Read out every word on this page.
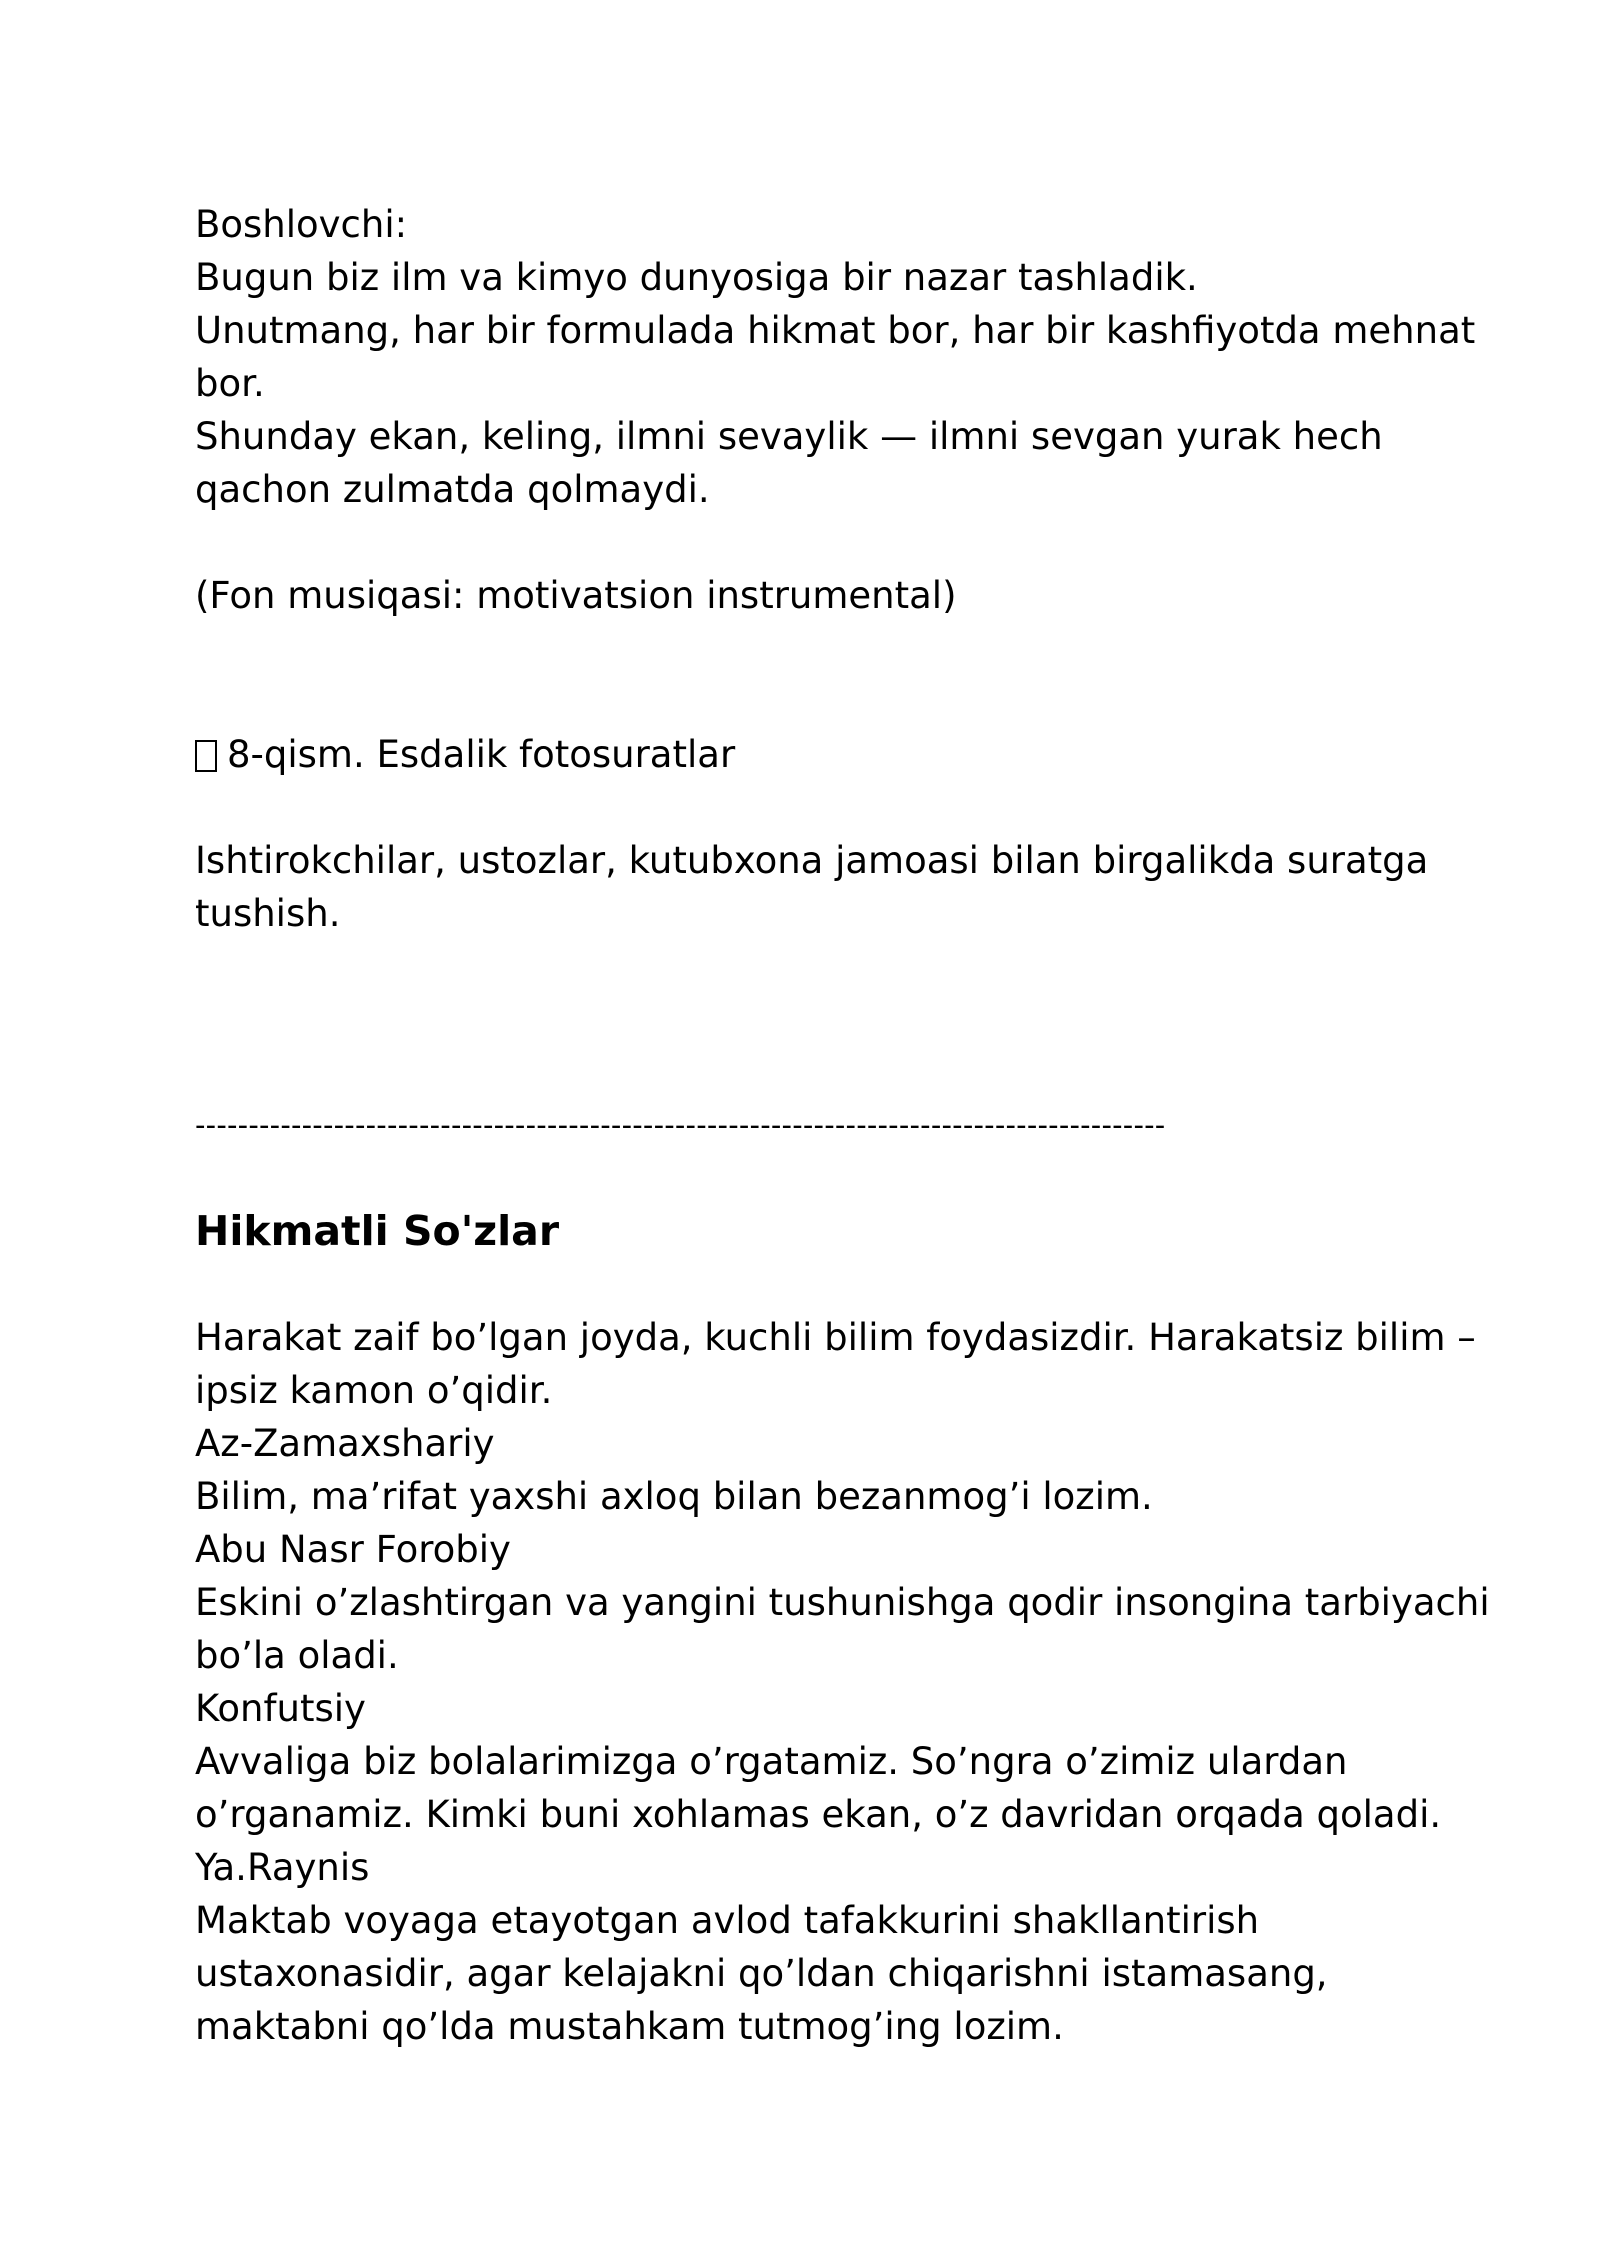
Boshlovchi:
Bugun biz ilm va kimyo dunyosiga bir nazar tashladik.
Unutmang, har bir formulada hikmat bor, har bir kashfiyotda mehnat
bor.
Shunday ekan, keling, ilmni sevaylik — ilmni sevgan yurak hech
qachon zulmatda qolmaydi.
(Fon musiqasi: motivatsion instrumental)
8-qism. Esdalik fotosuratlar
Ishtirokchilar, ustozlar, kutubxona jamoasi bilan birgalikda suratga
tushish.
-------------------------------------------------------------------------------------------
Hikmatli So'zlar
Harakat zaif bo’lgan joyda, kuchli bilim foydasizdir. Harakatsiz bilim –
ipsiz kamon o’qidir.
Az-Zamaxshariy
Bilim, ma’rifat yaxshi axloq bilan bezanmog’i lozim.
Abu Nasr Forobiy
Eskini o’zlashtirgan va yangini tushunishga qodir insongina tarbiyachi
bo’la oladi.
Konfutsiy
Avvaliga biz bolalarimizga o’rgatamiz. So’ngra o’zimiz ulardan
o’rganamiz. Kimki buni xohlamas ekan, o’z davridan orqada qoladi.
Ya.Raynis
Maktab voyaga etayotgan avlod tafakkurini shakllantirish
ustaxonasidir, agar kelajakni qo’ldan chiqarishni istamasang,
maktabni qo’lda mustahkam tutmog’ing lozim.
